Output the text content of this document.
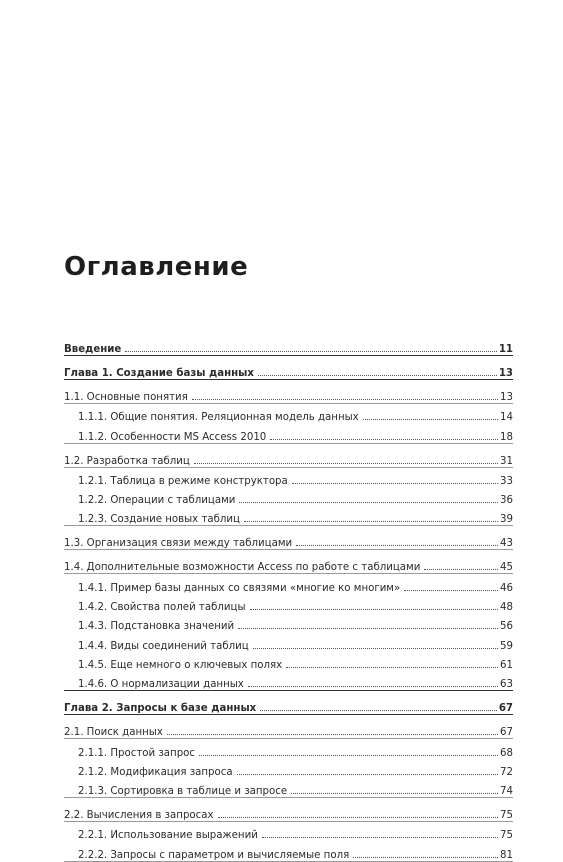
Оглавление
Введение	11
Глава 1. Создание базы данных	13
1.1. Основные понятия	13
1.1.1. Общие понятия. Реляционная модель данных	14
1.1.2. Особенности MS Access 2010	18
1.2. Разработка таблиц	31
1.2.1. Таблица в режиме конструктора	33
1.2.2. Операции с таблицами	36
1.2.3. Создание новых таблиц	39
1.3. Организация связи между таблицами	43
1.4. Дополнительные возможности Access по работе с таблицами	45
1.4.1. Пример базы данных со связями «многие ко многим»	46
1.4.2. Свойства полей таблицы	48
1.4.3. Подстановка значений	56
1.4.4. Виды соединений таблиц	59
1.4.5. Еще немного о ключевых полях	61
1.4.6. О нормализации данных	63
Глава 2. Запросы к базе данных	67
2.1. Поиск данных	67
2.1.1. Простой запрос	68
2.1.2. Модификация запроса	72
2.1.3. Сортировка в таблице и запросе	74
2.2. Вычисления в запросах	75
2.2.1. Использование выражений	75
2.2.2. Запросы с параметром и вычисляемые поля	81
